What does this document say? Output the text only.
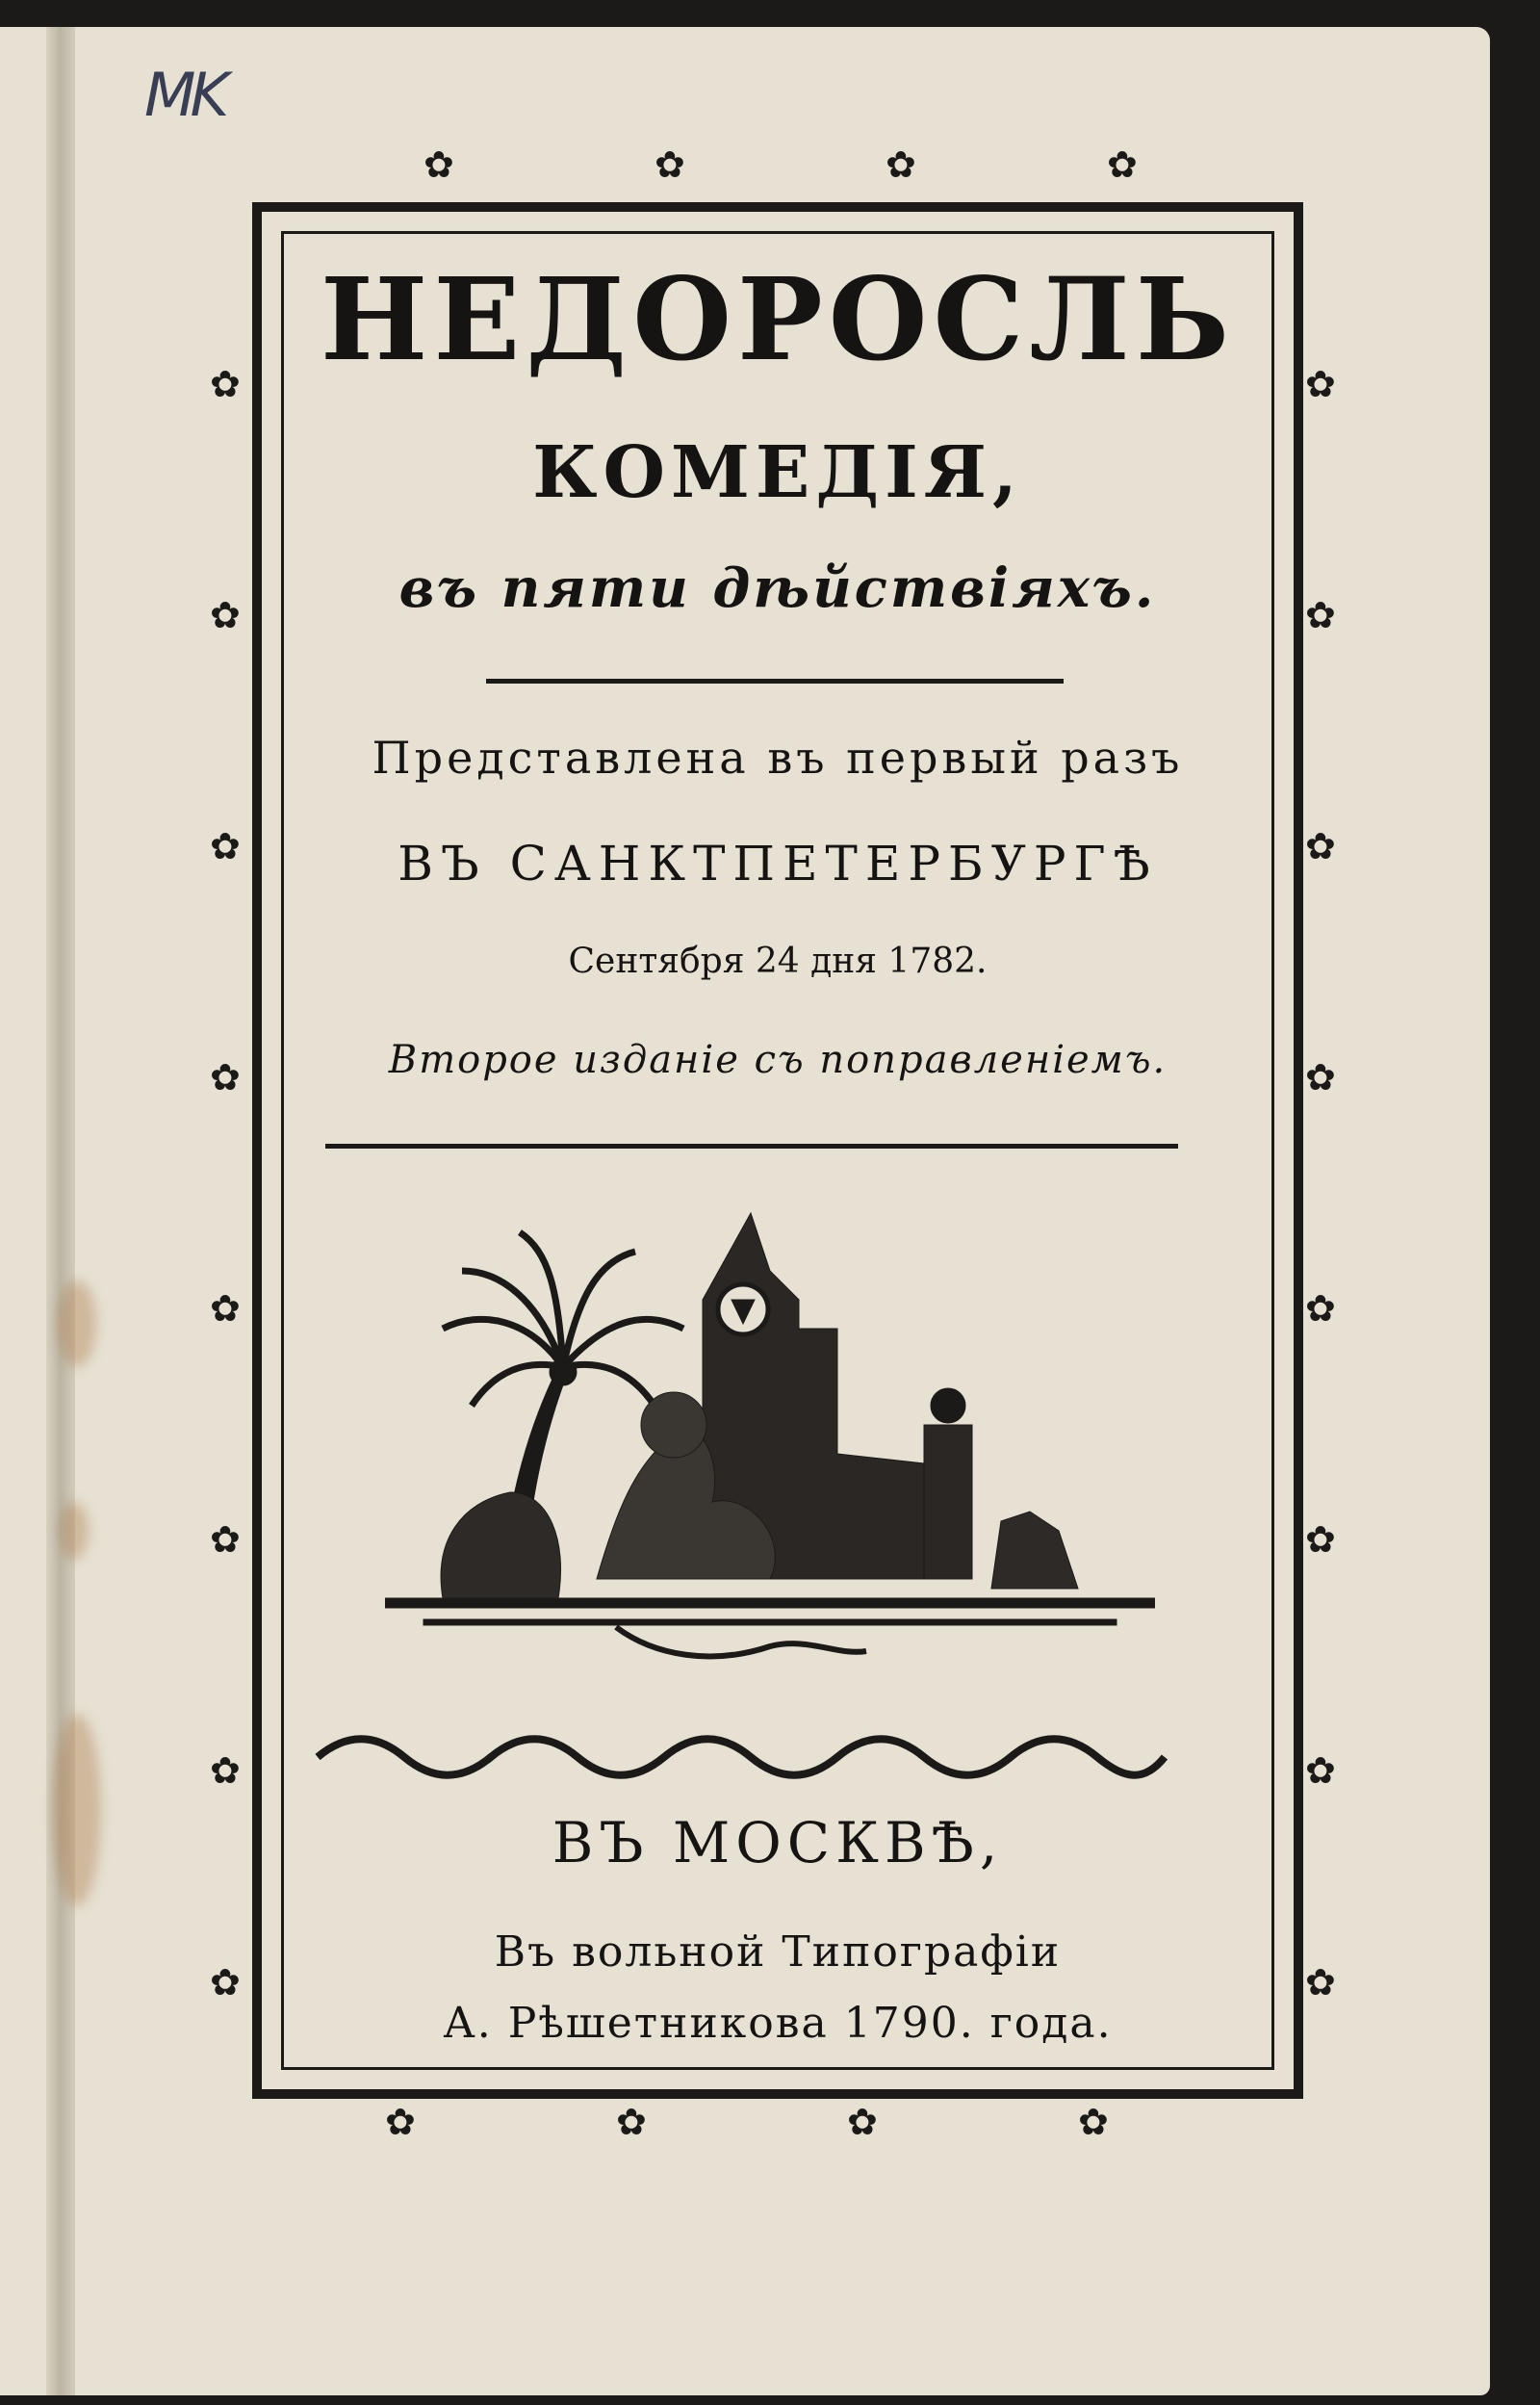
MK
✿	✿	✿	✿
✿	✿	✿	✿
✿
✿
✿
✿
✿
✿
✿
✿
✿
✿
✿
✿
✿
✿
✿
✿
НЕДОРОСЛЬ
КОМЕДІЯ,

въ пяти дѣйствіяхъ.

Представлена въ первый разъ

ВЪ САНКТПЕТЕРБУРГѢ

Сентября 24 дня 1782.

Второе изданіе съ поправленіемъ.

ВЪ МОСКВѢ,

Въ вольной Типографіи

А. Рѣшетникова 1790. года.
